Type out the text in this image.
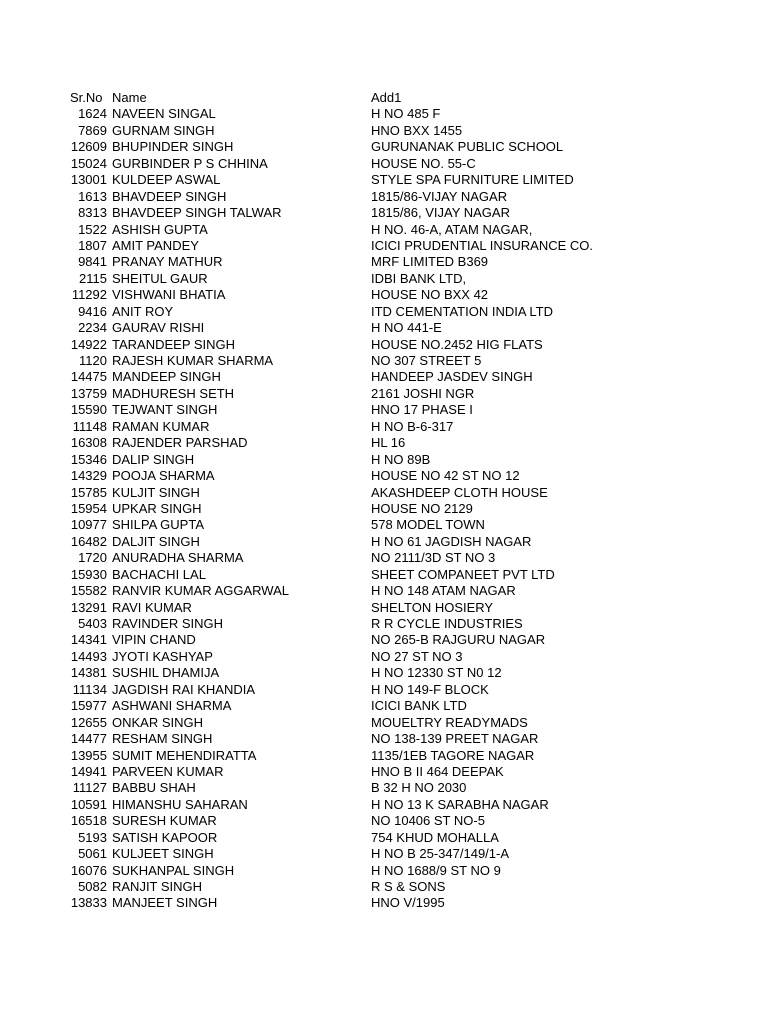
Sr.No Name	Add1
1624 NAVEEN SINGAL	H NO 485 F
7869 GURNAM SINGH	HNO BXX 1455
12609 BHUPINDER SINGH	GURUNANAK PUBLIC SCHOOL
15024 GURBINDER P S CHHINA	HOUSE NO. 55-C
13001 KULDEEP ASWAL	STYLE SPA FURNITURE LIMITED
1613 BHAVDEEP SINGH	1815/86-VIJAY NAGAR
8313 BHAVDEEP SINGH TALWAR	1815/86, VIJAY NAGAR
1522 ASHISH GUPTA	H NO. 46-A, ATAM NAGAR,
1807 AMIT PANDEY	ICICI PRUDENTIAL INSURANCE CO.
9841 PRANAY MATHUR	MRF LIMITED B369
2115 SHEITUL GAUR	IDBI BANK LTD,
11292 VISHWANI BHATIA	HOUSE NO BXX 42
9416 ANIT ROY	ITD CEMENTATION INDIA LTD
2234 GAURAV RISHI	H NO 441-E
14922 TARANDEEP SINGH	HOUSE NO.2452 HIG FLATS
1120 RAJESH KUMAR SHARMA	NO 307 STREET 5
14475 MANDEEP SINGH	HANDEEP JASDEV SINGH
13759 MADHURESH SETH	2161 JOSHI NGR
15590 TEJWANT SINGH	HNO 17 PHASE I
11148 RAMAN KUMAR	H NO B-6-317
16308 RAJENDER PARSHAD	HL 16
15346 DALIP SINGH	H NO 89B
14329 POOJA SHARMA	HOUSE NO 42 ST NO 12
15785 KULJIT SINGH	AKASHDEEP CLOTH HOUSE
15954 UPKAR SINGH	HOUSE NO 2129
10977 SHILPA GUPTA	578 MODEL TOWN
16482 DALJIT SINGH	H NO 61 JAGDISH NAGAR
1720 ANURADHA SHARMA	NO 2111/3D ST NO 3
15930 BACHACHI LAL	SHEET COMPANEET PVT LTD
15582 RANVIR KUMAR AGGARWAL	H NO 148 ATAM NAGAR
13291 RAVI KUMAR	SHELTON HOSIERY
5403 RAVINDER SINGH	R R CYCLE INDUSTRIES
14341 VIPIN CHAND	NO 265-B RAJGURU NAGAR
14493 JYOTI KASHYAP	NO 27 ST NO 3
14381 SUSHIL DHAMIJA	H NO 12330 ST N0 12
11134 JAGDISH RAI KHANDIA	H NO 149-F BLOCK
15977 ASHWANI SHARMA	ICICI BANK LTD
12655 ONKAR SINGH	MOUELTRY READYMADS
14477 RESHAM SINGH	NO 138-139 PREET NAGAR
13955 SUMIT MEHENDIRATTA	1135/1EB TAGORE NAGAR
14941 PARVEEN KUMAR	HNO B II 464 DEEPAK
11127 BABBU SHAH	B 32 H NO 2030
10591 HIMANSHU SAHARAN	H NO 13 K SARABHA NAGAR
16518 SURESH KUMAR	NO 10406 ST NO-5
5193 SATISH KAPOOR	754 KHUD MOHALLA
5061 KULJEET SINGH	H NO B 25-347/149/1-A
16076 SUKHANPAL SINGH	H NO 1688/9 ST NO 9
5082 RANJIT SINGH	R S & SONS
13833 MANJEET SINGH	HNO V/1995
